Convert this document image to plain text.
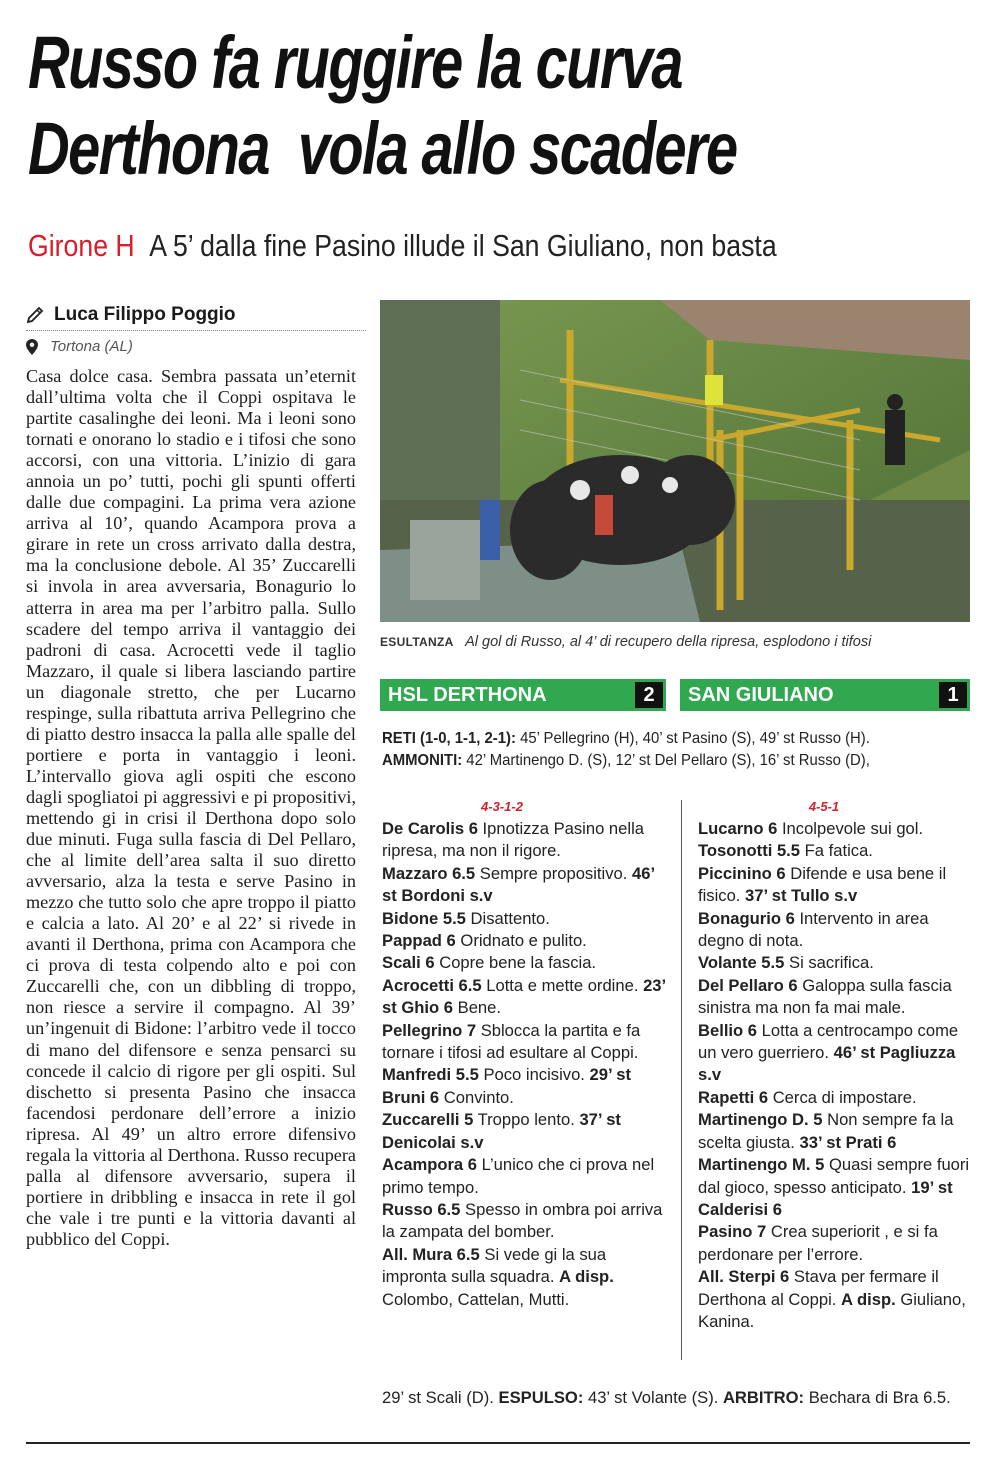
Russo fa ruggire la curva
Derthona  vola allo scadere
Girone H A 5’ dalla fine Pasino illude il San Giuliano, non basta
Luca Filippo Poggio
Tortona (AL)
Casa dolce casa. Sembra passata un’eternit dall’ultima volta che il Coppi ospitava le partite casalinghe dei leoni. Ma i leoni sono tornati e onorano lo stadio e i tifosi che sono accorsi, con una vittoria. L’inizio di gara annoia un po’ tutti, pochi gli spunti offerti dalle due compagini. La prima vera azione arriva al 10’, quando Acampora prova a girare in rete un cross arrivato dalla destra, ma la conclusione debole. Al 35’ Zuccarelli si invola in area avversaria, Bonagurio lo atterra in area ma per l’arbitro palla. Sullo scadere del tempo arriva il vantaggio dei padroni di casa. Acrocetti vede il taglio Mazzaro, il quale si libera lasciando partire un diagonale stretto, che per Lucarno respinge, sulla ribattuta arriva Pellegrino che di piatto destro insacca la palla alle spalle del portiere e porta in vantaggio i leoni. L’intervallo giova agli ospiti che escono dagli spogliatoi pi aggressivi e pi propositivi, mettendo gi in crisi il Derthona dopo solo due minuti. Fuga sulla fascia di Del Pellaro, che al limite dell’area salta il suo diretto avversario, alza la testa e serve Pasino in mezzo che tutto solo che apre troppo il piatto e calcia a lato. Al 20’ e al 22’ si rivede in avanti il Derthona, prima con Acampora che ci prova di testa colpendo alto e poi con Zuccarelli che, con un dibbling di troppo, non riesce a servire il compagno. Al 39’ un’ingenuit di Bidone: l’arbitro vede il tocco di mano del difensore e senza pensarci su concede il calcio di rigore per gli ospiti. Sul dischetto si presenta Pasino che insacca facendosi perdonare dell’errore a inizio ripresa. Al 49’ un altro errore difensivo regala la vittoria al Derthona. Russo recupera palla al difensore avversario, supera il portiere in dribbling e insacca in rete il gol che vale i tre punti e la vittoria davanti al pubblico del Coppi.
ESULTANZA Al gol di Russo, al 4’ di recupero della ripresa, esplodono i tifosi
HSL DERTHONA	2	SAN GIULIANO	1
RETI (1-0, 1-1, 2-1): 45’ Pellegrino (H), 40’ st Pasino (S), 49’ st Russo (H).
AMMONITI: 42’ Martinengo D. (S), 12’ st Del Pellaro (S), 16’ st Russo (D),
4-3-1-2
De Carolis 6 Ipnotizza Pasino nella ripresa, ma non il rigore.
Mazzaro 6.5 Sempre propositivo. 46’ st Bordoni s.v
Bidone 5.5 Disattento.
Pappad 6 Oridnato e pulito.
Scali 6 Copre bene la fascia.
Acrocetti 6.5 Lotta e mette ordine. 23’ st Ghio 6 Bene.
Pellegrino 7 Sblocca la partita e fa tornare i tifosi ad esultare al Coppi.
Manfredi 5.5 Poco incisivo. 29’ st Bruni 6 Convinto.
Zuccarelli 5 Troppo lento. 37’ st Denicolai s.v
Acampora 6 L’unico che ci prova nel primo tempo.
Russo 6.5 Spesso in ombra poi arriva la zampata del bomber.
All. Mura 6.5 Si vede gi la sua impronta sulla squadra. A disp. Colombo, Cattelan, Mutti.
4-5-1
Lucarno 6 Incolpevole sui gol.
Tosonotti 5.5 Fa fatica.
Piccinino 6 Difende e usa bene il fisico. 37’ st Tullo s.v
Bonagurio 6 Intervento in area degno di nota.
Volante 5.5 Si sacrifica.
Del Pellaro 6 Galoppa sulla fascia sinistra ma non fa mai male.
Bellio 6 Lotta a centrocampo come un vero guerriero. 46’ st Pagliuzza s.v
Rapetti 6 Cerca di impostare.
Martinengo D. 5 Non sempre fa la scelta giusta. 33’ st Prati 6
Martinengo M. 5 Quasi sempre fuori dal gioco, spesso anticipato. 19’ st Calderisi 6
Pasino 7 Crea superiorit , e si fa perdonare per l’errore.
All. Sterpi 6 Stava per fermare il Derthona al Coppi. A disp. Giuliano, Kanina.
29’ st Scali (D). ESPULSO: 43’ st Volante (S). ARBITRO: Bechara di Bra 6.5.
